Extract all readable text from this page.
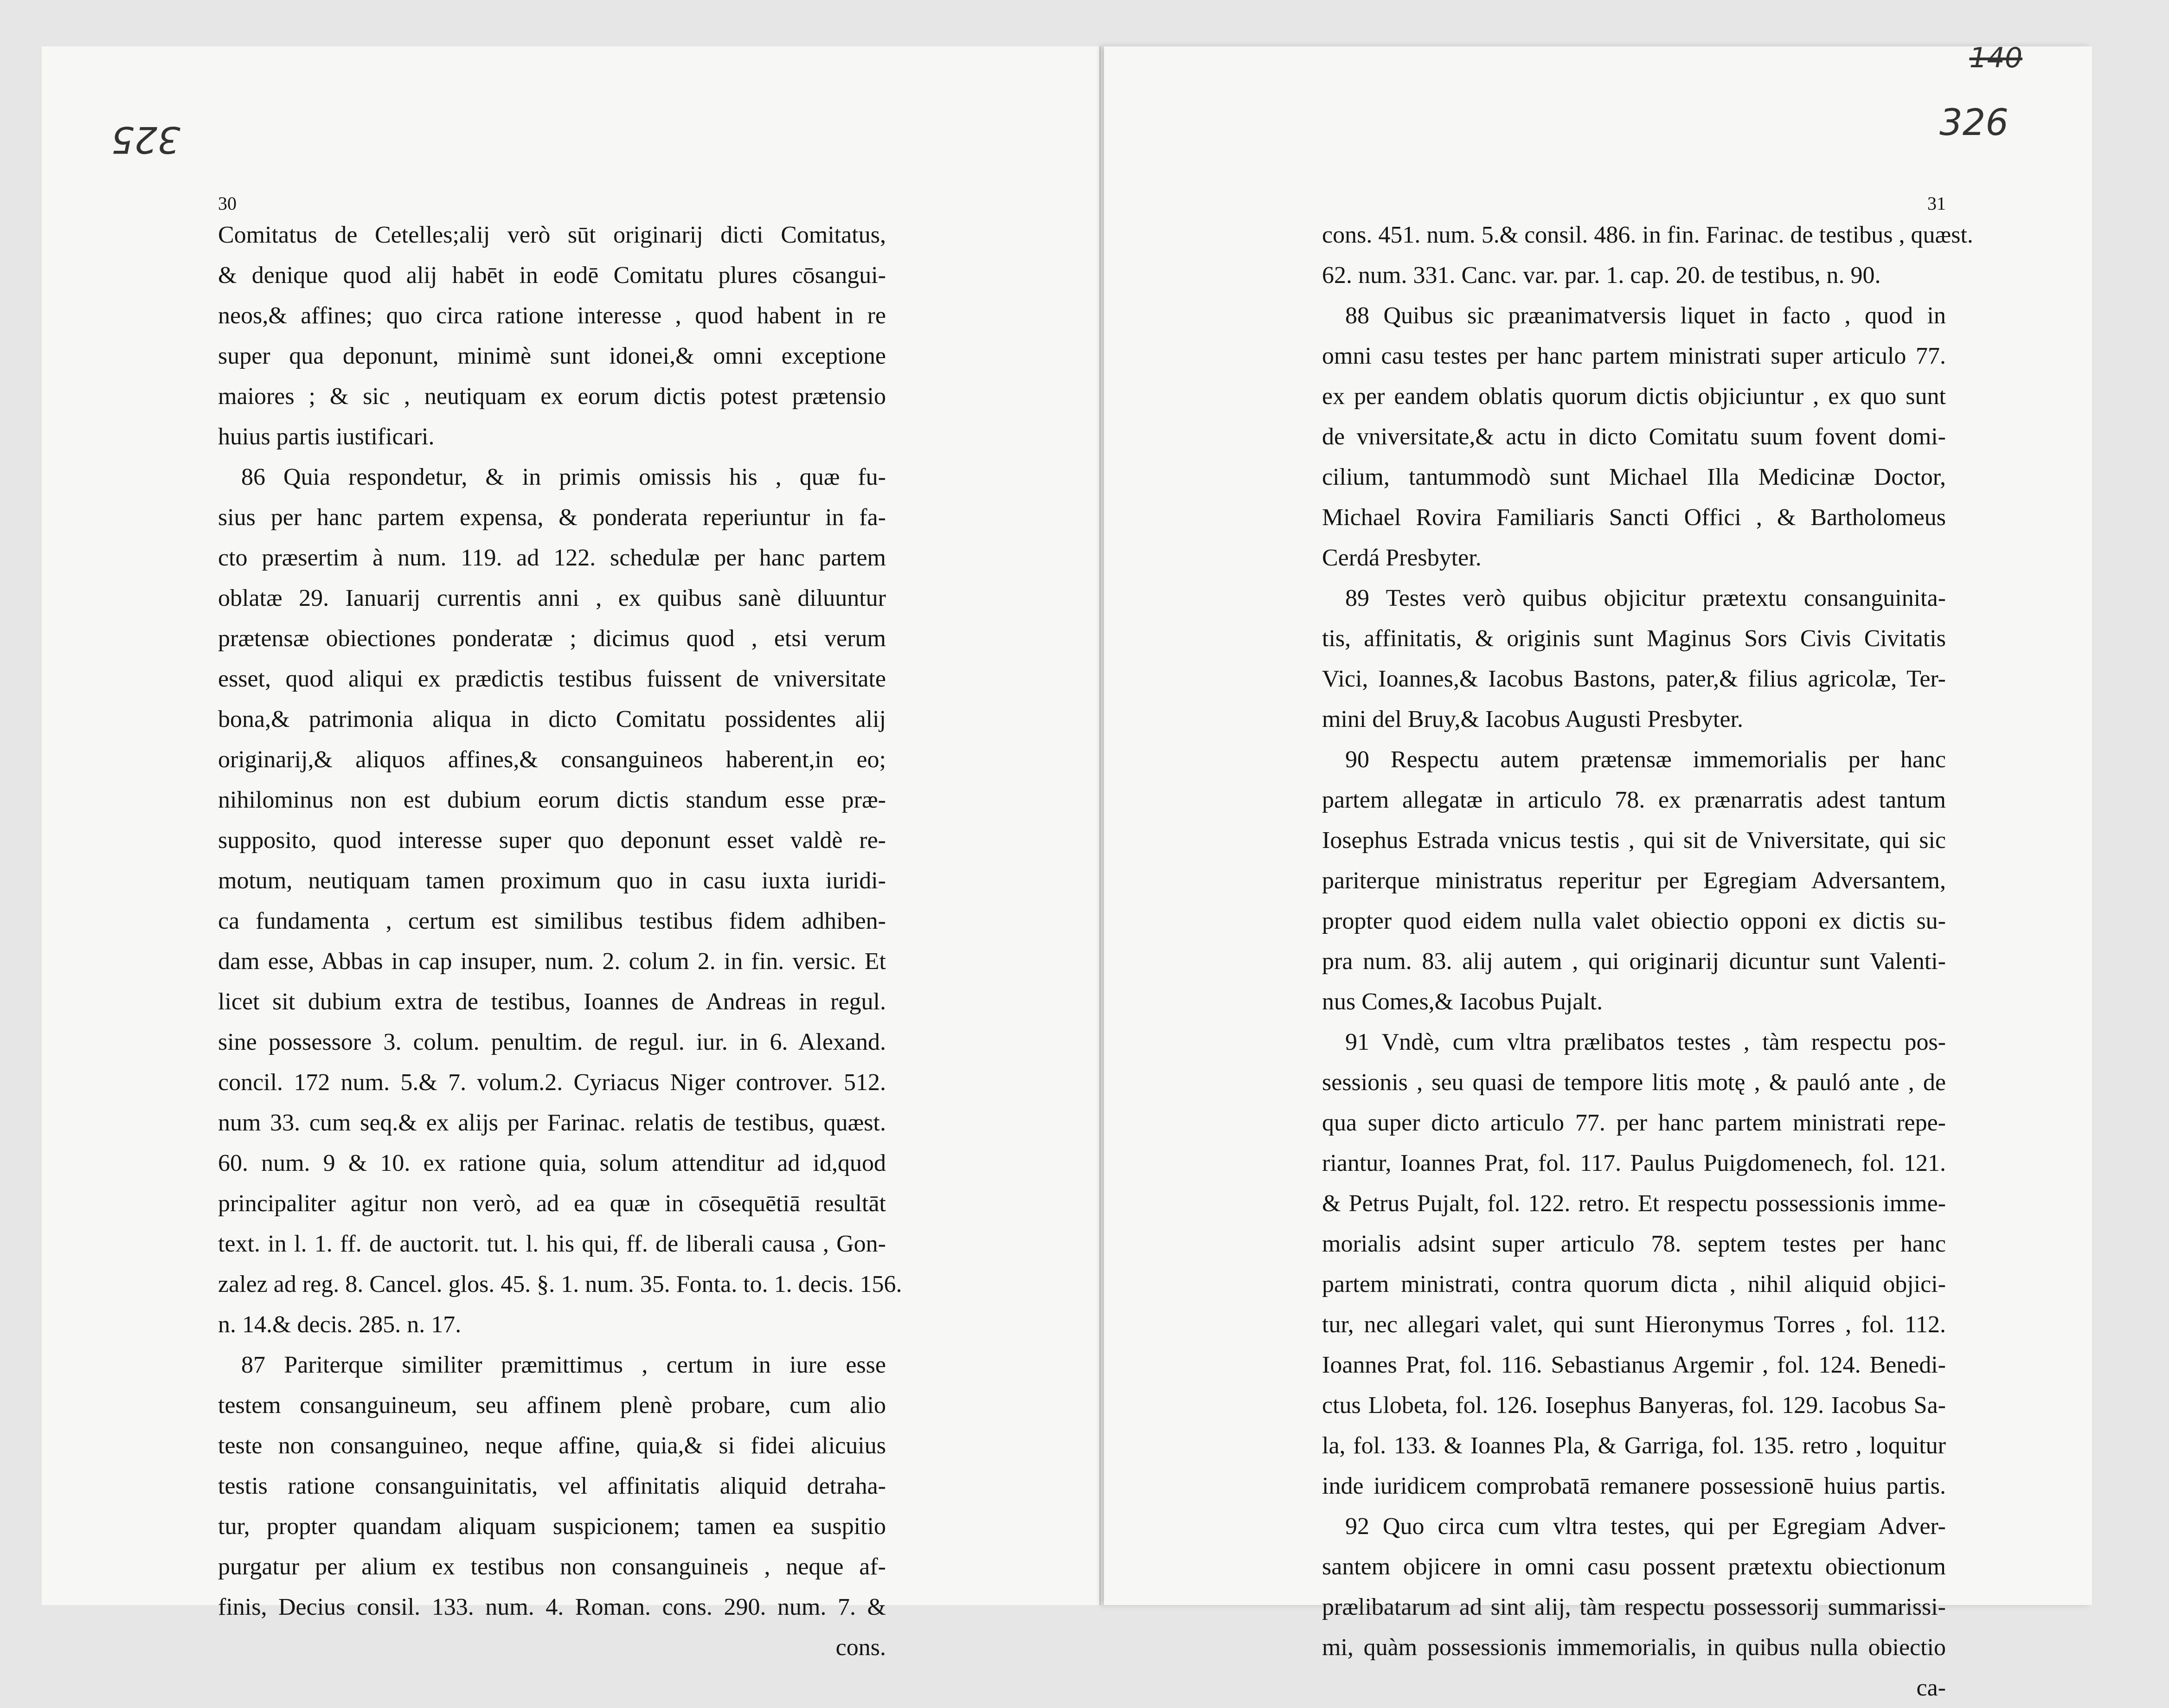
325
30
Comitatus de Cetelles;alij verò sūt originarij dicti Comitatus,
& denique quod alij habēt in eodē Comitatu plures cōsangui-
neos,& affines; quo circa ratione interesse , quod habent in re
super qua deponunt, minimè sunt idonei,& omni exceptione
maiores ; & sic , neutiquam ex eorum dictis potest prætensio
huius partis iustificari.
86 Quia respondetur, & in primis omissis his , quæ fu-
sius per hanc partem expensa, & ponderata reperiuntur in fa-
cto præsertim à num. 119. ad 122. schedulæ per hanc partem
oblatæ 29. Ianuarij currentis anni , ex quibus sanè diluuntur
prætensæ obiectiones ponderatæ ; dicimus quod , etsi verum
esset, quod aliqui ex prædictis testibus fuissent de vniversitate
bona,& patrimonia aliqua in dicto Comitatu possidentes alij
originarij,& aliquos affines,& consanguineos haberent,in eo;
nihilominus non est dubium eorum dictis standum esse præ-
supposito, quod interesse super quo deponunt esset valdè re-
motum, neutiquam tamen proximum quo in casu iuxta iuridi-
ca fundamenta , certum est similibus testibus fidem adhiben-
dam esse, Abbas in cap insuper, num. 2. colum 2. in fin. versic. Et
licet sit dubium extra de testibus, Ioannes de Andreas in regul.
sine possessore 3. colum. penultim. de regul. iur. in 6. Alexand.
concil. 172 num. 5.& 7. volum.2. Cyriacus Niger controver. 512.
num 33. cum seq.& ex alijs per Farinac. relatis de testibus, quæst.
60. num. 9 & 10. ex ratione quia, solum attenditur ad id,quod
principaliter agitur non verò, ad ea quæ in cōsequētiā resultāt
text. in l. 1. ff. de auctorit. tut. l. his qui, ff. de liberali causa , Gon-
zalez ad reg. 8. Cancel. glos. 45. §. 1. num. 35. Fonta. to. 1. decis. 156.
n. 14.& decis. 285. n. 17.
87 Pariterque similiter præmittimus , certum in iure esse
testem consanguineum, seu affinem plenè probare, cum alio
teste non consanguineo, neque affine, quia,& si fidei alicuius
testis ratione consanguinitatis, vel affinitatis aliquid detraha-
tur, propter quandam aliquam suspicionem; tamen ea suspitio
purgatur per alium ex testibus non consanguineis , neque af-
finis, Decius consil. 133. num. 4. Roman. cons. 290. num. 7. &
cons.
140
326
31
cons. 451. num. 5.& consil. 486. in fin. Farinac. de testibus , quæst.
62. num. 331. Canc. var. par. 1. cap. 20. de testibus, n. 90.
88 Quibus sic præanimatversis liquet in facto , quod in
omni casu testes per hanc partem ministrati super articulo 77.
ex per eandem oblatis quorum dictis objiciuntur , ex quo sunt
de vniversitate,& actu in dicto Comitatu suum fovent domi-
cilium, tantummodò sunt Michael Illa Medicinæ Doctor,
Michael Rovira Familiaris Sancti Offici , & Bartholomeus
Cerdá Presbyter.
89 Testes verò quibus objicitur prætextu consanguinita-
tis, affinitatis, & originis sunt Maginus Sors Civis Civitatis
Vici, Ioannes,& Iacobus Bastons, pater,& filius agricolæ, Ter-
mini del Bruy,& Iacobus Augusti Presbyter.
90 Respectu autem prætensæ immemorialis per hanc
partem allegatæ in articulo 78. ex prænarratis adest tantum
Iosephus Estrada vnicus testis , qui sit de Vniversitate, qui sic
pariterque ministratus reperitur per Egregiam Adversantem,
propter quod eidem nulla valet obiectio opponi ex dictis su-
pra num. 83. alij autem , qui originarij dicuntur sunt Valenti-
nus Comes,& Iacobus Pujalt.
91 Vndè, cum vltra prælibatos testes , tàm respectu pos-
sessionis , seu quasi de tempore litis motę , & pauló ante , de
qua super dicto articulo 77. per hanc partem ministrati repe-
riantur, Ioannes Prat, fol. 117. Paulus Puigdomenech, fol. 121.
& Petrus Pujalt, fol. 122. retro. Et respectu possessionis imme-
morialis adsint super articulo 78. septem testes per hanc
partem ministrati, contra quorum dicta , nihil aliquid objici-
tur, nec allegari valet, qui sunt Hieronymus Torres , fol. 112.
Ioannes Prat, fol. 116. Sebastianus Argemir , fol. 124. Benedi-
ctus Llobeta, fol. 126. Iosephus Banyeras, fol. 129. Iacobus Sa-
la, fol. 133. & Ioannes Pla, & Garriga, fol. 135. retro , loquitur
inde iuridicem comprobatā remanere possessionē huius partis.
92 Quo circa cum vltra testes, qui per Egregiam Adver-
santem objicere in omni casu possent prætextu obiectionum
prælibatarum ad sint alij, tàm respectu possessorij summarissi-
mi, quàm possessionis immemorialis, in quibus nulla obiectio
ca-
